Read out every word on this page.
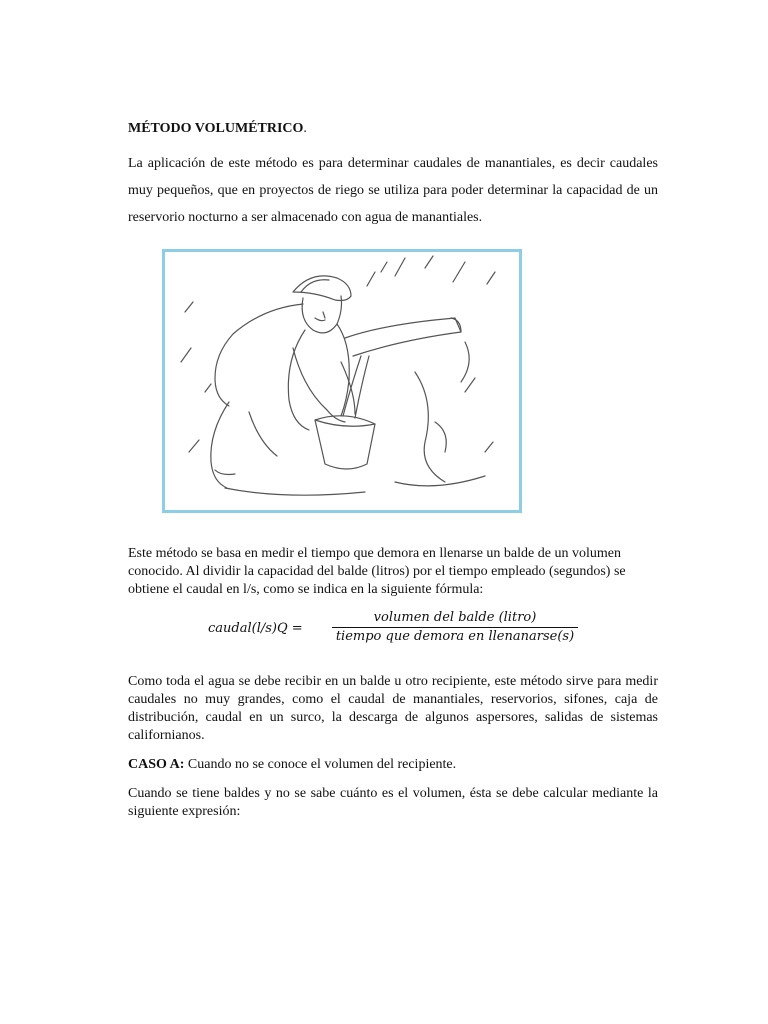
MÉTODO VOLUMÉTRICO.
La aplicación de este método es para determinar caudales de manantiales, es decir caudales muy pequeños, que en proyectos de riego se utiliza para poder determinar la capacidad de un reservorio nocturno a ser almacenado con agua de manantiales.
Este método se basa en medir el tiempo que demora en llenarse un balde de un volumen conocido. Al dividir la capacidad del balde (litros) por el tiempo empleado (segundos) se obtiene el caudal en l/s, como se indica en la siguiente fórmula:
caudal(l/s)Q =
volumen del balde (litro)
tiempo que demora en llenanarse(s)
Como toda el agua se debe recibir en un balde u otro recipiente, este método sirve para medir caudales no muy grandes, como el caudal de manantiales, reservorios, sifones, caja de distribución, caudal en un surco, la descarga de algunos aspersores, salidas de sistemas californianos.
CASO A: Cuando no se conoce el volumen del recipiente.
Cuando se tiene baldes y no se sabe cuánto es el volumen, ésta se debe calcular mediante la siguiente expresión:
